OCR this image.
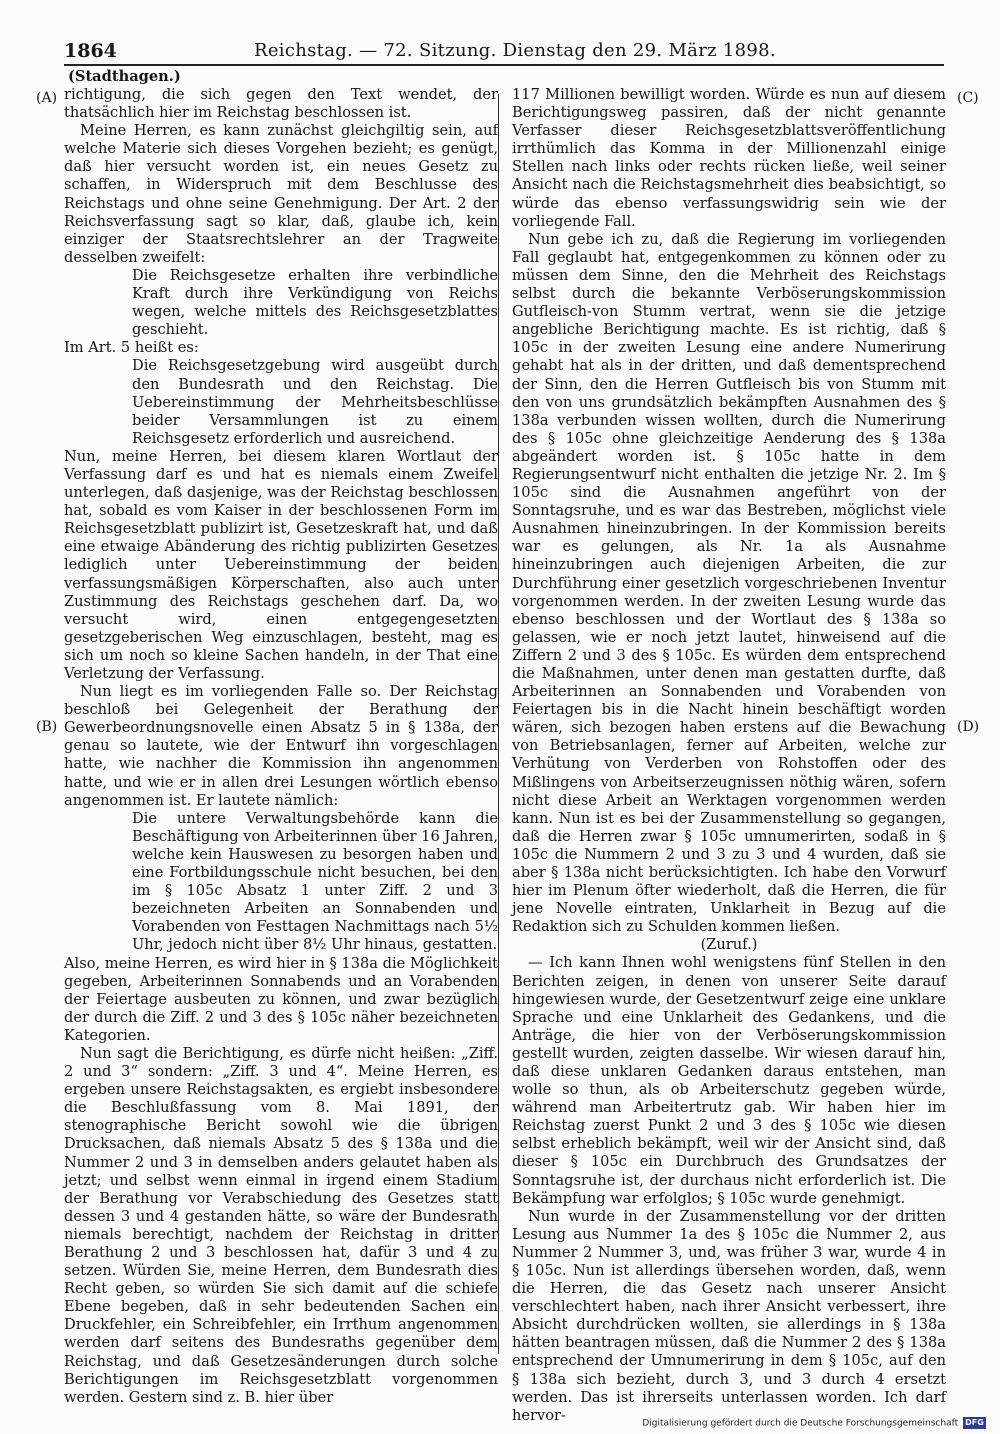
1864	Reichstag. — 72. Sitzung. Dienstag den 29. März 1898.
(A)
(B)
(C)
(D)

(Stadthagen.)

richtigung, die sich gegen den Text wendet, der thatsächlich hier im Reichstag beschlossen ist.

Meine Herren, es kann zunächst gleichgiltig sein, auf welche Materie sich dieses Vorgehen bezieht; es genügt, daß hier versucht worden ist, ein neues Gesetz zu schaffen, in Widerspruch mit dem Beschlusse des Reichstags und ohne seine Genehmigung. Der Art. 2 der Reichsverfassung sagt so klar, daß, glaube ich, kein einziger der Staatsrechtslehrer an der Tragweite desselben zweifelt:

Die Reichsgesetze erhalten ihre verbindliche Kraft durch ihre Verkündigung von Reichs wegen, welche mittels des Reichsgesetzblattes geschieht.

Im Art. 5 heißt es:

Die Reichsgesetzgebung wird ausgeübt durch den Bundesrath und den Reichstag. Die Uebereinstimmung der Mehrheitsbeschlüsse beider Versammlungen ist zu einem Reichsgesetz erforderlich und ausreichend.

Nun, meine Herren, bei diesem klaren Wortlaut der Verfassung darf es und hat es niemals einem Zweifel unterlegen, daß dasjenige, was der Reichstag beschlossen hat, sobald es vom Kaiser in der beschlossenen Form im Reichsgesetzblatt publizirt ist, Gesetzeskraft hat, und daß eine etwaige Abänderung des richtig publizirten Gesetzes lediglich unter Uebereinstimmung der beiden verfassungsmäßigen Körperschaften, also auch unter Zustimmung des Reichstags geschehen darf. Da, wo versucht wird, einen entgegengesetzten gesetzgeberischen Weg einzuschlagen, besteht, mag es sich um noch so kleine Sachen handeln, in der That eine Verletzung der Verfassung.

Nun liegt es im vorliegenden Falle so. Der Reichstag beschloß bei Gelegenheit der Berathung der Gewerbeordnungsnovelle einen Absatz 5 in § 138a, der genau so lautete, wie der Entwurf ihn vorgeschlagen hatte, wie nachher die Kommission ihn angenommen hatte, und wie er in allen drei Lesungen wörtlich ebenso angenommen ist. Er lautete nämlich:

Die untere Verwaltungsbehörde kann die Beschäftigung von Arbeiterinnen über 16 Jahren, welche kein Hauswesen zu besorgen haben und eine Fortbildungsschule nicht besuchen, bei den im § 105c Absatz 1 unter Ziff. 2 und 3 bezeichneten Arbeiten an Sonnabenden und Vorabenden von Festtagen Nachmittags nach 5½ Uhr, jedoch nicht über 8½ Uhr hinaus, gestatten.

Also, meine Herren, es wird hier in § 138a die Möglichkeit gegeben, Arbeiterinnen Sonnabends und an Vorabenden der Feiertage ausbeuten zu können, und zwar bezüglich der durch die Ziff. 2 und 3 des § 105c näher bezeichneten Kategorien.

Nun sagt die Berichtigung, es dürfe nicht heißen: „Ziff. 2 und 3“ sondern: „Ziff. 3 und 4“. Meine Herren, es ergeben unsere Reichstagsakten, es ergiebt insbesondere die Beschlußfassung vom 8. Mai 1891, der stenographische Bericht sowohl wie die übrigen Drucksachen, daß niemals Absatz 5 des § 138a und die Nummer 2 und 3 in demselben anders gelautet haben als jetzt; und selbst wenn einmal in irgend einem Stadium der Berathung vor Verabschiedung des Gesetzes statt dessen 3 und 4 gestanden hätte, so wäre der Bundesrath niemals berechtigt, nachdem der Reichstag in dritter Berathung 2 und 3 beschlossen hat, dafür 3 und 4 zu setzen. Würden Sie, meine Herren, dem Bundesrath dies Recht geben, so würden Sie sich damit auf die schiefe Ebene begeben, daß in sehr bedeutenden Sachen ein Druckfehler, ein Schreibfehler, ein Irrthum angenommen werden darf seitens des Bundesraths gegenüber dem Reichstag, und daß Gesetzesänderungen durch solche Berichtigungen im Reichsgesetzblatt vorgenommen werden. Gestern sind z. B. hier über

117 Millionen bewilligt worden. Würde es nun auf diesem Berichtigungsweg passiren, daß der nicht genannte Verfasser dieser Reichsgesetzblattsveröffentlichung irrthümlich das Komma in der Millionenzahl einige Stellen nach links oder rechts rücken ließe, weil seiner Ansicht nach die Reichstagsmehrheit dies beabsichtigt, so würde das ebenso verfassungswidrig sein wie der vorliegende Fall.

Nun gebe ich zu, daß die Regierung im vorliegenden Fall geglaubt hat, entgegenkommen zu können oder zu müssen dem Sinne, den die Mehrheit des Reichstags selbst durch die bekannte Verböserungskommission Gutfleisch-von Stumm vertrat, wenn sie die jetzige angebliche Berichtigung machte. Es ist richtig, daß § 105c in der zweiten Lesung eine andere Numerirung gehabt hat als in der dritten, und daß dementsprechend der Sinn, den die Herren Gutfleisch bis von Stumm mit den von uns grundsätzlich bekämpften Ausnahmen des § 138a verbunden wissen wollten, durch die Numerirung des § 105c ohne gleichzeitige Aenderung des § 138a abgeändert worden ist. § 105c hatte in dem Regierungsentwurf nicht enthalten die jetzige Nr. 2. Im § 105c sind die Ausnahmen angeführt von der Sonntagsruhe, und es war das Bestreben, möglichst viele Ausnahmen hineinzubringen. In der Kommission bereits war es gelungen, als Nr. 1a als Ausnahme hineinzubringen auch diejenigen Arbeiten, die zur Durchführung einer gesetzlich vorgeschriebenen Inventur vorgenommen werden. In der zweiten Lesung wurde das ebenso beschlossen und der Wortlaut des § 138a so gelassen, wie er noch jetzt lautet, hinweisend auf die Ziffern 2 und 3 des § 105c. Es würden dem entsprechend die Maßnahmen, unter denen man gestatten durfte, daß Arbeiterinnen an Sonnabenden und Vorabenden von Feiertagen bis in die Nacht hinein beschäftigt worden wären, sich bezogen haben erstens auf die Bewachung von Betriebsanlagen, ferner auf Arbeiten, welche zur Verhütung von Verderben von Rohstoffen oder des Mißlingens von Arbeitserzeugnissen nöthig wären, sofern nicht diese Arbeit an Werktagen vorgenommen werden kann. Nun ist es bei der Zusammenstellung so gegangen, daß die Herren zwar § 105c umnumerirten, sodaß in § 105c die Nummern 2 und 3 zu 3 und 4 wurden, daß sie aber § 138a nicht berücksichtigten. Ich habe den Vorwurf hier im Plenum öfter wiederholt, daß die Herren, die für jene Novelle eintraten, Unklarheit in Bezug auf die Redaktion sich zu Schulden kommen ließen.

(Zuruf.)

— Ich kann Ihnen wohl wenigstens fünf Stellen in den Berichten zeigen, in denen von unserer Seite darauf hingewiesen wurde, der Gesetzentwurf zeige eine unklare Sprache und eine Unklarheit des Gedankens, und die Anträge, die hier von der Verböserungskommission gestellt wurden, zeigten dasselbe. Wir wiesen darauf hin, daß diese unklaren Gedanken daraus entstehen, man wolle so thun, als ob Arbeiterschutz gegeben würde, während man Arbeitertrutz gab. Wir haben hier im Reichstag zuerst Punkt 2 und 3 des § 105c wie diesen selbst erheblich bekämpft, weil wir der Ansicht sind, daß dieser § 105c ein Durchbruch des Grundsatzes der Sonntagsruhe ist, der durchaus nicht erforderlich ist. Die Bekämpfung war erfolglos; § 105c wurde genehmigt.

Nun wurde in der Zusammenstellung vor der dritten Lesung aus Nummer 1a des § 105c die Nummer 2, aus Nummer 2 Nummer 3, und, was früher 3 war, wurde 4 in § 105c. Nun ist allerdings übersehen worden, daß, wenn die Herren, die das Gesetz nach unserer Ansicht verschlechtert haben, nach ihrer Ansicht verbessert, ihre Absicht durchdrücken wollten, sie allerdings in § 138a hätten beantragen müssen, daß die Nummer 2 des § 138a entsprechend der Umnumerirung in dem § 105c, auf den § 138a sich bezieht, durch 3, und 3 durch 4 ersetzt werden. Das ist ihrerseits unterlassen worden. Ich darf hervor-	Digitalisierung gefördert durch die Deutsche Forschungsgemeinschaft DFG
